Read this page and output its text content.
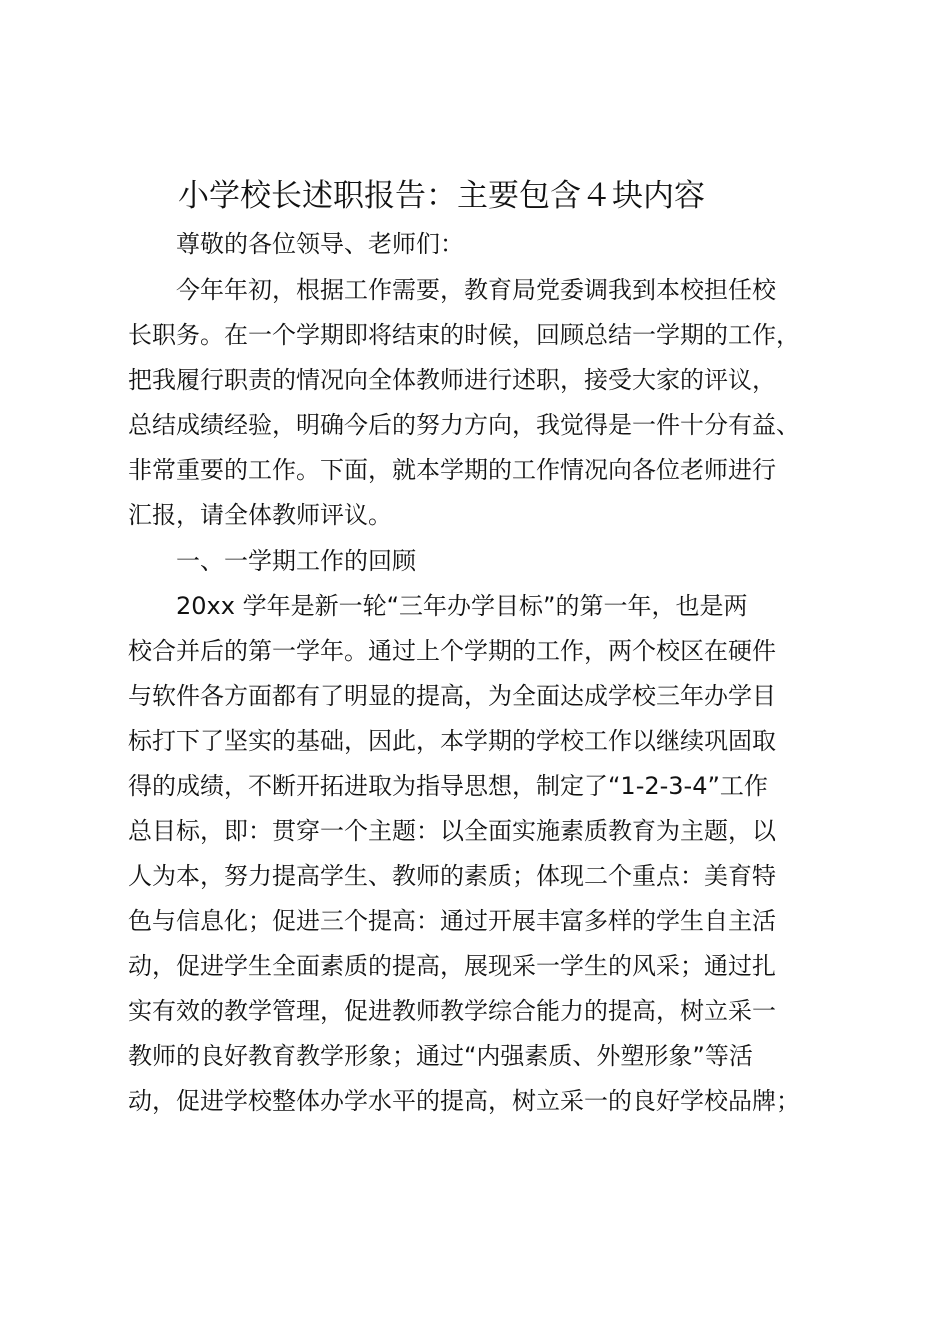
小学校长述职报告：主要包含４块内容

尊敬的各位领导、老师们：

今年年初，根据工作需要，教育局党委调我到本校担任校

长职务。在一个学期即将结束的时候，回顾总结一学期的工作，

把我履行职责的情况向全体教师进行述职，接受大家的评议，

总结成绩经验，明确今后的努力方向，我觉得是一件十分有益、

非常重要的工作。下面，就本学期的工作情况向各位老师进行

汇报，请全体教师评议。

一、一学期工作的回顾

20xx 学年是新一轮“三年办学目标”的第一年，也是两

校合并后的第一学年。通过上个学期的工作，两个校区在硬件

与软件各方面都有了明显的提高，为全面达成学校三年办学目

标打下了坚实的基础，因此，本学期的学校工作以继续巩固取

得的成绩，不断开拓进取为指导思想，制定了“1-2-3-4”工作

总目标，即：贯穿一个主题：以全面实施素质教育为主题，以

人为本，努力提高学生、教师的素质；体现二个重点：美育特

色与信息化；促进三个提高：通过开展丰富多样的学生自主活

动，促进学生全面素质的提高，展现采一学生的风采；通过扎

实有效的教学管理，促进教师教学综合能力的提高，树立采一

教师的良好教育教学形象；通过“内强素质、外塑形象”等活

动，促进学校整体办学水平的提高，树立采一的良好学校品牌；
